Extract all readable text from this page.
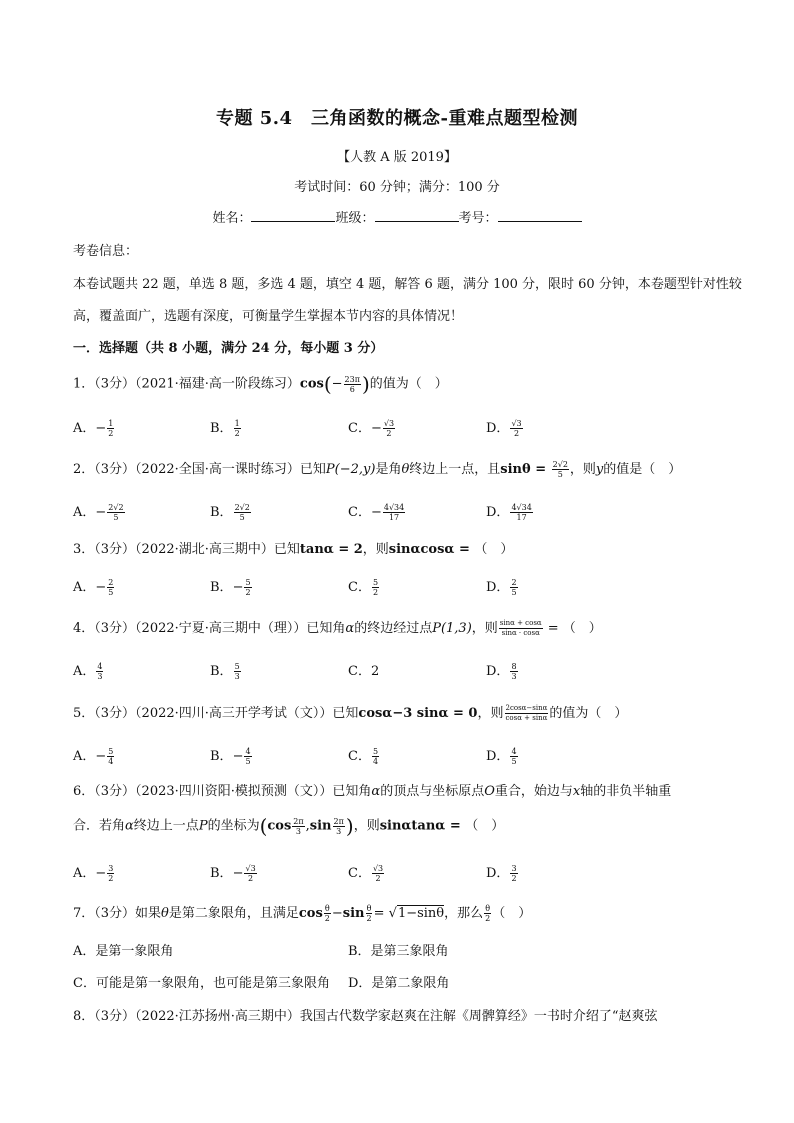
专题 5.4　三角函数的概念-重难点题型检测
【人教 A 版 2019】
考试时间：60 分钟；满分：100 分
姓名：	班级：	考号：
考卷信息：
本卷试题共 22 题，单选 8 题，多选 4 题，填空 4 题，解答 6 题，满分 100 分，限时 60 分钟，本卷题型针对性较
高，覆盖面广，选题有深度，可衡量学生掌握本节内容的具体情况！
一．选择题（共 8 小题，满分 24 分，每小题 3 分）
1．（3分）（2021·福建·高一阶段练习）$\cos(- \frac{23\pi}{6}$ )的值为（　）
A．− $\frac{1}{2}$	B． $\frac{1}{2}$	C．− $\frac{√3}{2}$	D． $\frac{√3}{2}$
2．（3分）（2022·全国·高一课时练习）已知P(−2,y)是角θ终边上一点，且$\sin\theta = \frac{2√2}{5}$ ，则y的值是（　）
A．− $\frac{2√2}{5}$	B． $\frac{2√2}{5}$	C．− $\frac{4√34}{17}$	D． $\frac{4√34}{17}$
3．（3分）（2022·湖北·高三期中）已知tanα = 2，则sinαcosα = （　）
A．− $\frac{2}{5}$	B．− $\frac{5}{2}$	C． $\frac{5}{2}$	D． $\frac{2}{5}$
4．（3分）（2022·宁夏·高三期中（理））已知角α的终边经过点P(1,3)，则 $\frac{\sin\alpha + \cos\alpha}{\sin\alpha \cdot \cos\alpha}$ = （　）
A． $\frac{4}{3}$	B． $\frac{5}{3}$	C．2	D． $\frac{8}{3}$
5．（3分）（2022·四川·高三开学考试（文））已知cosα−3 sinα = 0，则 $\frac{2\cos\alpha-\sin\alpha}{\cos\alpha + \sin\alpha}$ 的值为（　）
A．− $\frac{5}{4}$	B．− $\frac{4}{5}$	C． $\frac{5}{4}$	D． $\frac{4}{5}$
6．（3分）（2023·四川资阳·模拟预测（文））已知角α的顶点与坐标原点O重合，始边与x轴的非负半轴重
合．若角α终边上一点P的坐标为($\cos \frac{2\pi}{3} ,\sin \frac{2\pi}{3}$ )，则sinαtanα = （　）
A．− $\frac{3}{2}$	B．− $\frac{√3}{2}$	C． $\frac{√3}{2}$	D． $\frac{3}{2}$
7．（3分）如果θ是第二象限角，且满足$\cos \frac{\theta}{2} -\sin \frac{\theta}{2} = √1-\sin\theta$，那么 $\frac{\theta}{2}$ （　）
A．是第一象限角	B．是第三象限角
C．可能是第一象限角，也可能是第三象限角 D．是第二象限角
8．（3分）（2022·江苏扬州·高三期中）我国古代数学家赵爽在注解《周髀算经》一书时介绍了“赵爽弦
